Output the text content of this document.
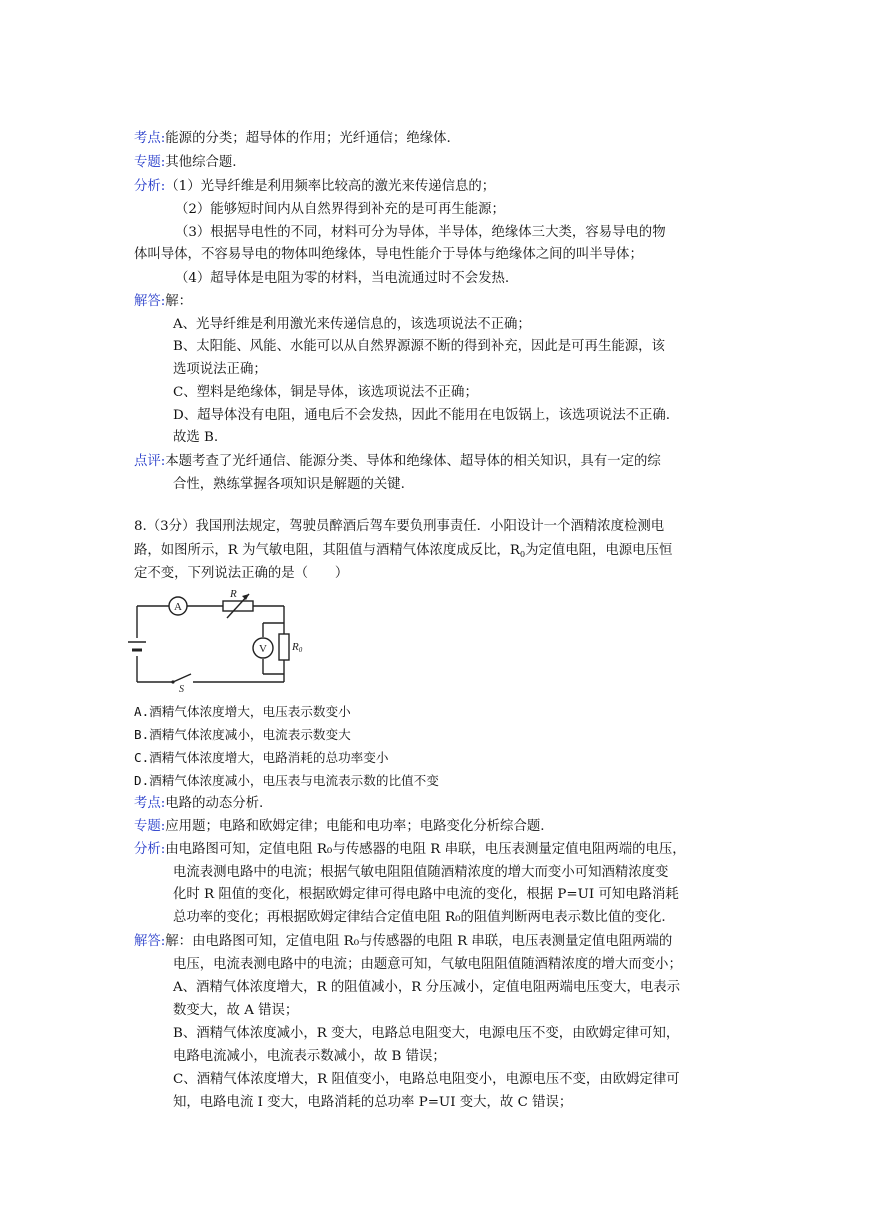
考点:能源的分类；超导体的作用；光纤通信；绝缘体.
专题:其他综合题.
分析:（1）光导纤维是利用频率比较高的激光来传递信息的；
（2）能够短时间内从自然界得到补充的是可再生能源；
（3）根据导电性的不同，材料可分为导体，半导体，绝缘体三大类，容易导电的物
体叫导体，不容易导电的物体叫绝缘体，导电性能介于导体与绝缘体之间的叫半导体；
（4）超导体是电阻为零的材料，当电流通过时不会发热.
解答:解：
A、光导纤维是利用激光来传递信息的，该选项说法不正确；
B、太阳能、风能、水能可以从自然界源源不断的得到补充，因此是可再生能源，该
选项说法正确；
C、塑料是绝缘体，铜是导体，该选项说法不正确；
D、超导体没有电阻，通电后不会发热，因此不能用在电饭锅上，该选项说法不正确.
故选 B.
点评:本题考查了光纤通信、能源分类、导体和绝缘体、超导体的相关知识，具有一定的综
合性，熟练掌握各项知识是解题的关键.
8.（3分）我国刑法规定，驾驶员醉酒后驾车要负刑事责任．小阳设计一个酒精浓度检测电
路，如图所示，R 为气敏电阻，其阻值与酒精气体浓度成反比，$R_0$为定值电阻，电源电压恒
定不变，下列说法正确的是（　　）
A
R
V R0
S
A.酒精气体浓度增大，电压表示数变小
B.酒精气体浓度减小，电流表示数变大
C.酒精气体浓度增大，电路消耗的总功率变小
D.酒精气体浓度减小，电压表与电流表示数的比值不变
考点:电路的动态分析.
专题:应用题；电路和欧姆定律；电能和电功率；电路变化分析综合题.
分析:由电路图可知，定值电阻 R₀与传感器的电阻 R 串联，电压表测量定值电阻两端的电压，
电流表测电路中的电流；根据气敏电阻阻值随酒精浓度的增大而变小可知酒精浓度变
化时 R 阻值的变化，根据欧姆定律可得电路中电流的变化，根据 P=UI 可知电路消耗
总功率的变化；再根据欧姆定律结合定值电阻 R₀的阻值判断两电表示数比值的变化.
解答:解：由电路图可知，定值电阻 R₀与传感器的电阻 R 串联，电压表测量定值电阻两端的
电压，电流表测电路中的电流；由题意可知，气敏电阻阻值随酒精浓度的增大而变小；
A、酒精气体浓度增大，R 的阻值减小，R 分压减小，定值电阻两端电压变大，电表示
数变大，故 A 错误；
B、酒精气体浓度减小，R 变大，电路总电阻变大，电源电压不变，由欧姆定律可知，
电路电流减小，电流表示数减小，故 B 错误；
C、酒精气体浓度增大，R 阻值变小，电路总电阻变小，电源电压不变，由欧姆定律可
知，电路电流 I 变大，电路消耗的总功率 P=UI 变大，故 C 错误；
